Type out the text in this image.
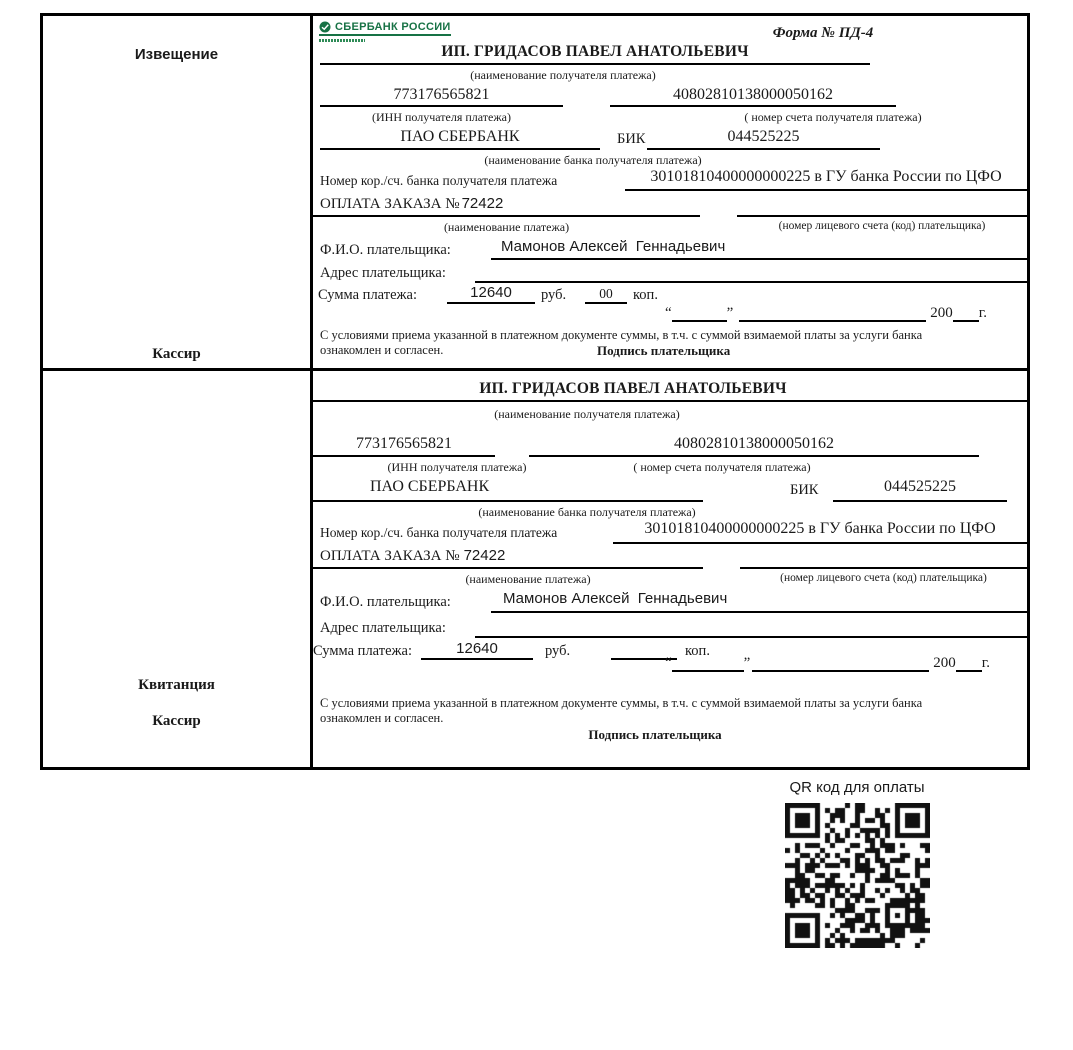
Извещение
Кассир
СБЕРБАНК РОССИИ	Форма № ПД-4
ИП. ГРИДАСОВ ПАВЕЛ АНАТОЛЬЕВИЧ
(наименование получателя платежа)
773176565821	40802810138000050162
(ИНН получателя платежа)	( номер счета получателя платежа)
ПАО СБЕРБАНК	БИК	044525225
(наименование банка получателя платежа)
Номер кор./сч. банка получателя платежа	30101810400000000225 в ГУ банка России по ЦФО
ОПЛАТА ЗАКАЗА № 72422
(наименование платежа)	(номер лицевого счета (код) плательщика)
Ф.И.О. плательщика:	Мамонов Алексей  Геннадьевич
Адрес плательщика:
Сумма платежа:	12640	руб.	00	коп.
“	”	200 г.
С условиями приема указанной в платежном документе суммы, в т.ч. с суммой взимаемой платы за услуги банка
ознакомлен и согласен.	Подпись плательщика
Квитанция
Кассир
ИП. ГРИДАСОВ ПАВЕЛ АНАТОЛЬЕВИЧ
(наименование получателя платежа)
773176565821	40802810138000050162
(ИНН получателя платежа)	( номер счета получателя платежа)
ПАО СБЕРБАНК	БИК	044525225
(наименование банка получателя платежа)
Номер кор./сч. банка получателя платежа	30101810400000000225 в ГУ банка России по ЦФО
ОПЛАТА ЗАКАЗА № 72422
(наименование платежа)	(номер лицевого счета (код) плательщика)
Ф.И.О. плательщика:	Мамонов Алексей  Геннадьевич
Адрес плательщика:
Сумма платежа:	12640	руб.	коп.
“	”	200 г.
С условиями приема указанной в платежном документе суммы, в т.ч. с суммой взимаемой платы за услуги банка
ознакомлен и согласен.
Подпись плательщика
QR код для оплаты
